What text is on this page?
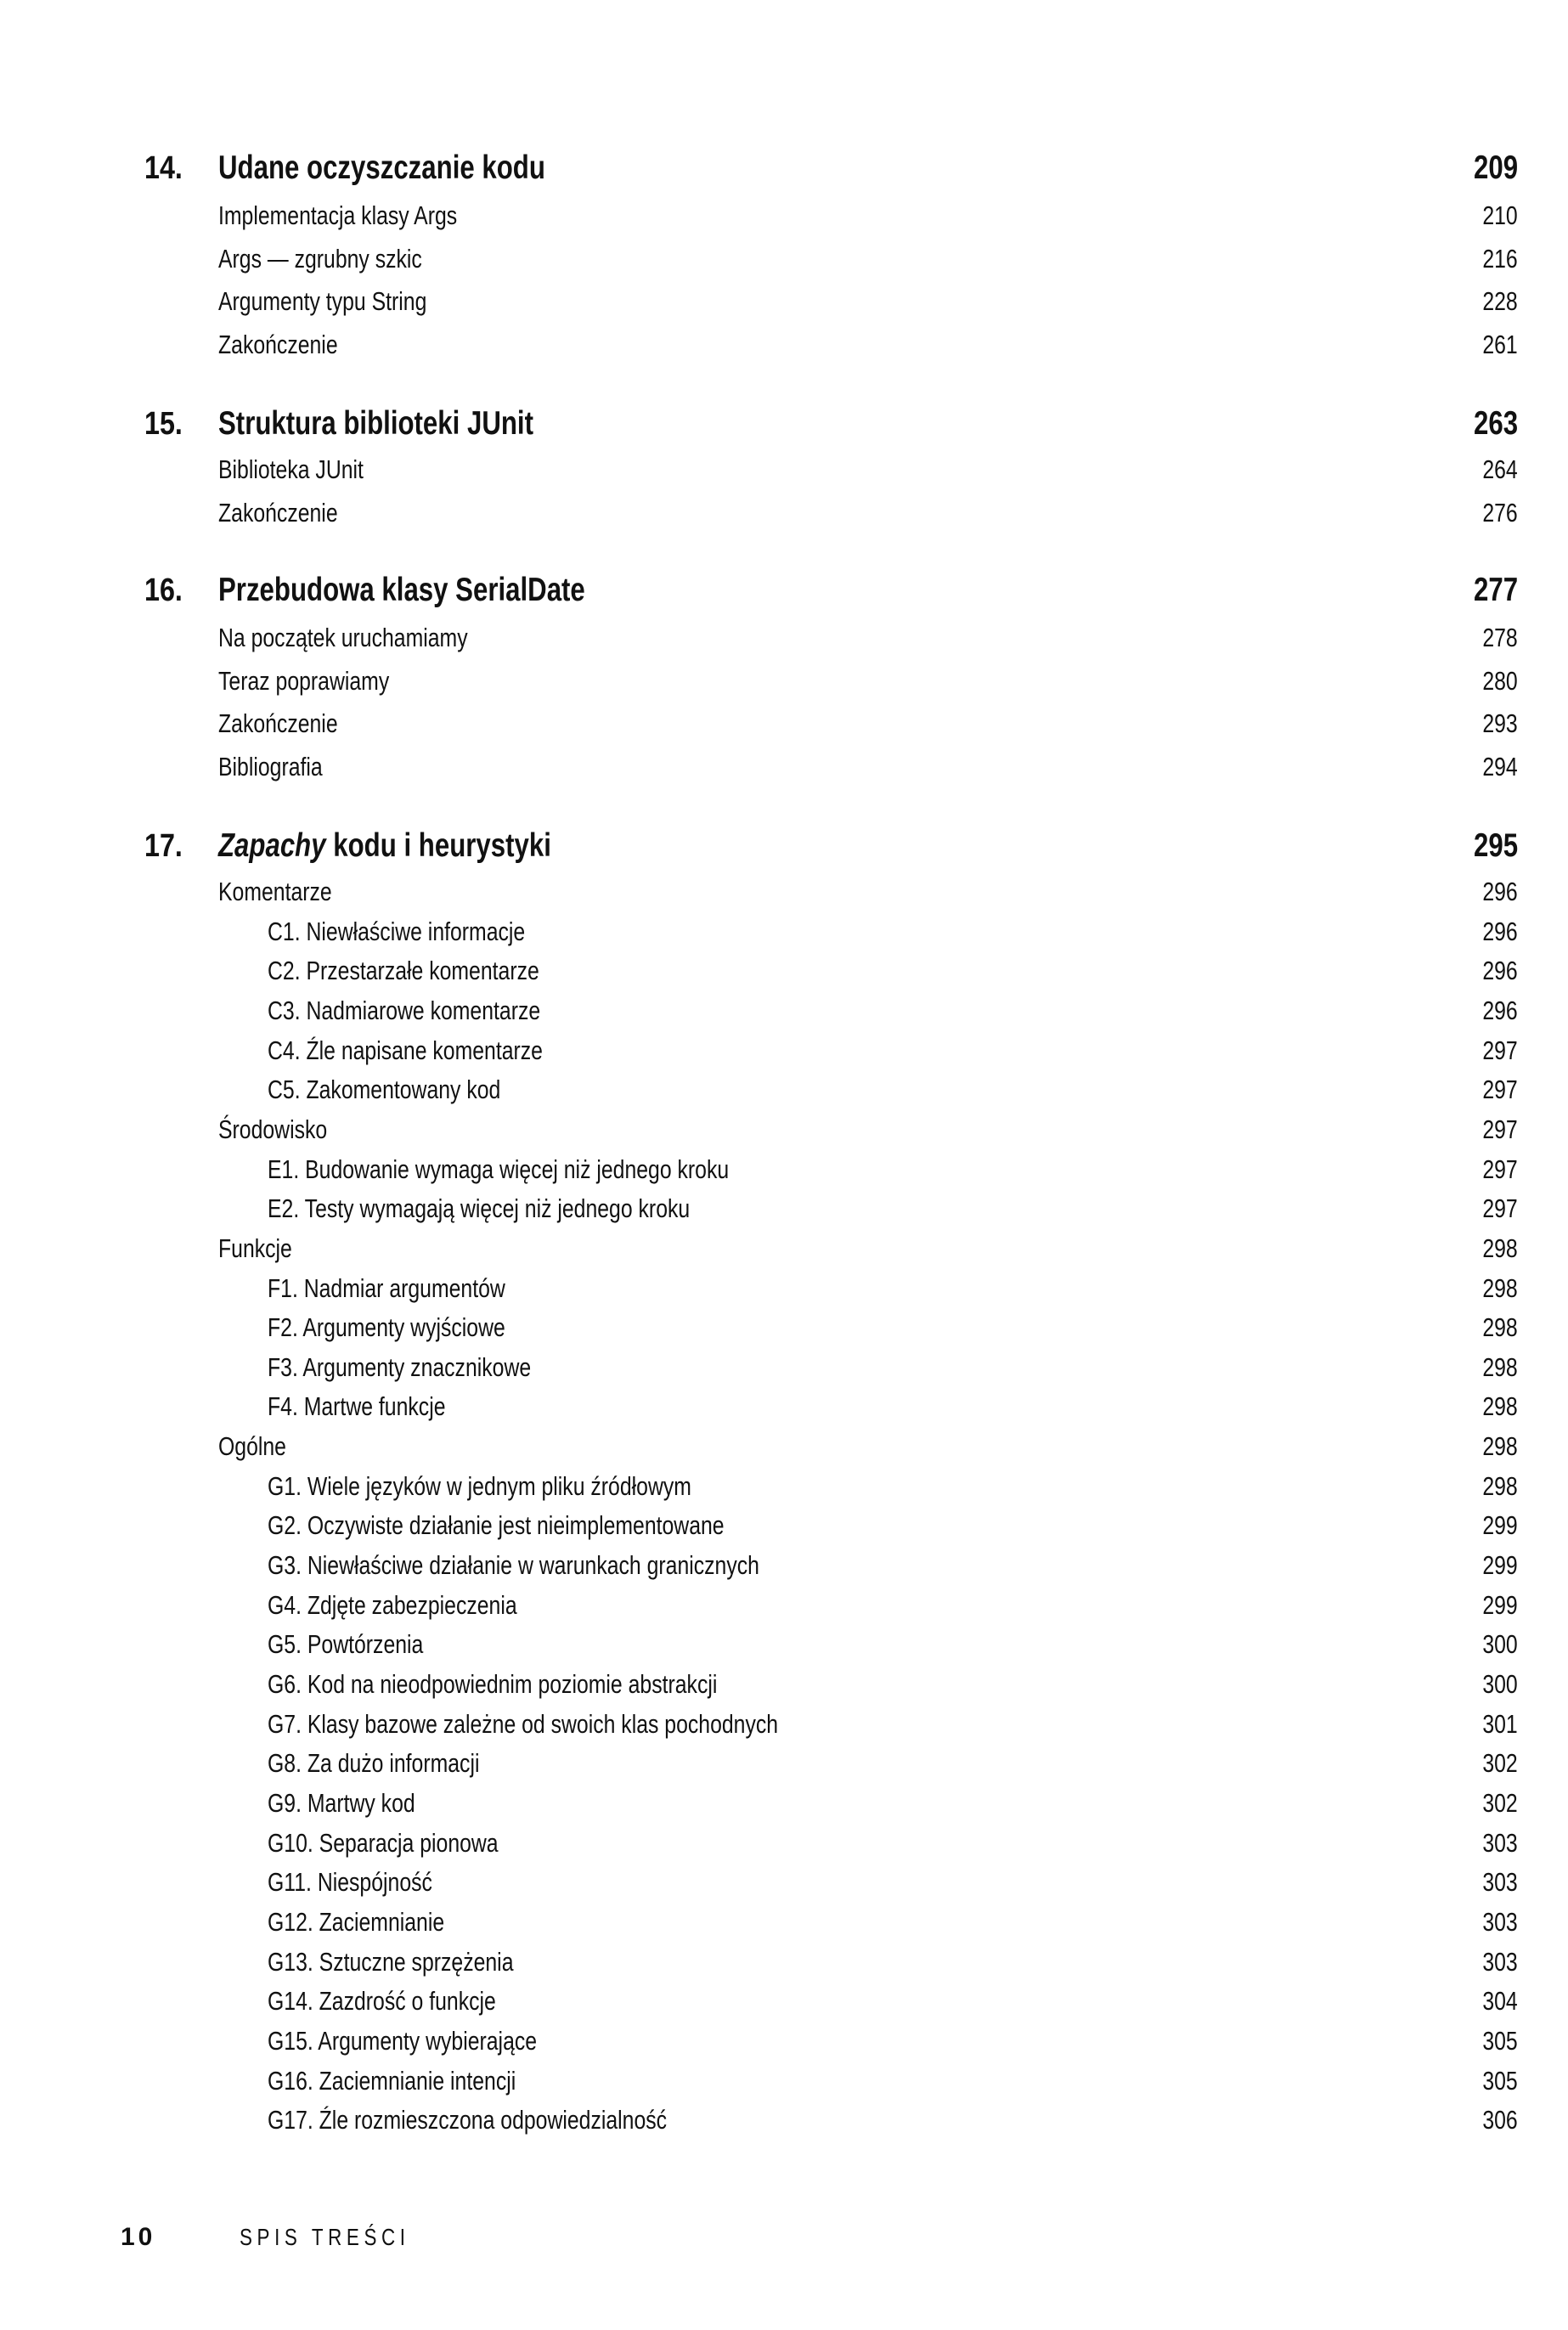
14. Udane oczyszczanie kodu	209
Implementacja klasy Args	210
Args — zgrubny szkic	216
Argumenty typu String	228
Zakończenie	261
15. Struktura biblioteki JUnit	263
Biblioteka JUnit	264
Zakończenie	276
16. Przebudowa klasy SerialDate	277
Na początek uruchamiamy	278
Teraz poprawiamy	280
Zakończenie	293
Bibliografia	294
17. Zapachy kodu i heurystyki	295
Komentarze	296
C1. Niewłaściwe informacje	296
C2. Przestarzałe komentarze	296
C3. Nadmiarowe komentarze	296
C4. Źle napisane komentarze	297
C5. Zakomentowany kod	297
Środowisko	297
E1. Budowanie wymaga więcej niż jednego kroku	297
E2. Testy wymagają więcej niż jednego kroku	297
Funkcje	298
F1. Nadmiar argumentów	298
F2. Argumenty wyjściowe	298
F3. Argumenty znacznikowe	298
F4. Martwe funkcje	298
Ogólne	298
G1. Wiele języków w jednym pliku źródłowym	298
G2. Oczywiste działanie jest nieimplementowane	299
G3. Niewłaściwe działanie w warunkach granicznych	299
G4. Zdjęte zabezpieczenia	299
G5. Powtórzenia	300
G6. Kod na nieodpowiednim poziomie abstrakcji	300
G7. Klasy bazowe zależne od swoich klas pochodnych	301
G8. Za dużo informacji	302
G9. Martwy kod	302
G10. Separacja pionowa	303
G11. Niespójność	303
G12. Zaciemnianie	303
G13. Sztuczne sprzężenia	303
G14. Zazdrość o funkcje	304
G15. Argumenty wybierające	305
G16. Zaciemnianie intencji	305
G17. Źle rozmieszczona odpowiedzialność	306
10	SPIS TREŚCI
